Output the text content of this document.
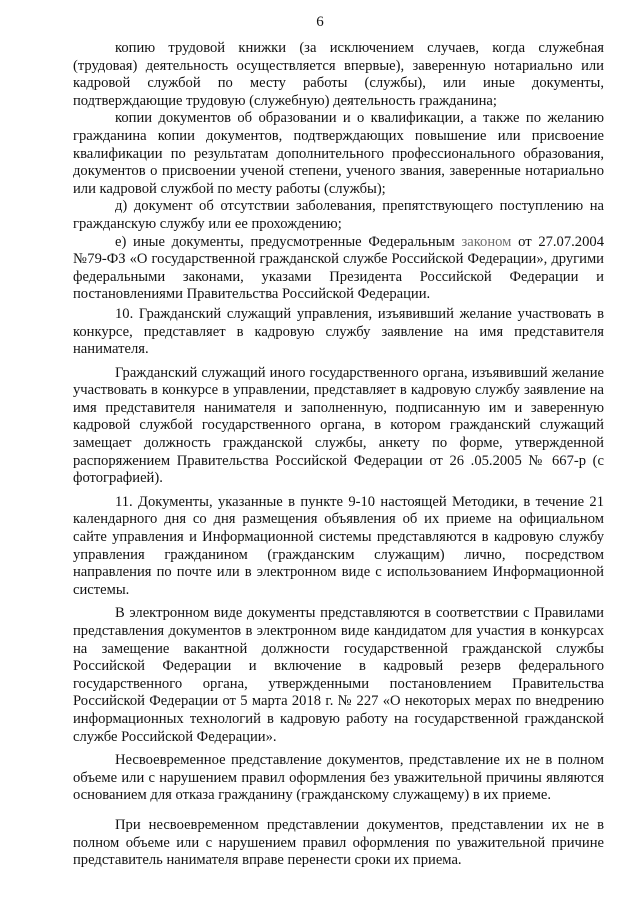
6

копию трудовой книжки (за исключением случаев, когда служебная (трудовая) деятельность осуществляется впервые), заверенную нотариально или кадровой службой по месту работы (службы), или иные документы, подтверждающие трудовую (служебную) деятельность гражданина;

копии документов об образовании и о квалификации, а также по желанию гражданина копии документов, подтверждающих повышение или присвоение квалификации по результатам дополнительного профессионального образования, документов о присвоении ученой степени, ученого звания, заверенные нотариально или кадровой службой по месту работы (службы);

д) документ об отсутствии заболевания, препятствующего поступлению на гражданскую службу или ее прохождению;

е) иные документы, предусмотренные Федеральным законом от 27.07.2004 №79-ФЗ «О государственной гражданской службе Российской Федерации», другими федеральными законами, указами Президента Российской Федерации и постановлениями Правительства Российской Федерации.

10. Гражданский служащий управления, изъявивший желание участвовать в конкурсе, представляет в кадровую службу заявление на имя представителя нанимателя.

Гражданский служащий иного государственного органа, изъявивший желание участвовать в конкурсе в управлении, представляет в кадровую службу заявление на имя представителя нанимателя и заполненную, подписанную им и заверенную кадровой службой государственного органа, в котором гражданский служащий замещает должность гражданской службы, анкету по форме, утвержденной распоряжением Правительства Российской Федерации от 26 .05.2005 № 667-р (с фотографией).

11. Документы, указанные в пункте 9-10 настоящей Методики, в течение 21 календарного дня со дня размещения объявления об их приеме на официальном сайте управления и Информационной системы представляются в кадровую службу управления гражданином (гражданским служащим) лично, посредством направления по почте или в электронном виде с использованием Информационной системы.

В электронном виде документы представляются в соответствии с Правилами представления документов в электронном виде кандидатом для участия в конкурсах на замещение вакантной должности государственной гражданской службы Российской Федерации и включение в кадровый резерв федерального государственного органа, утвержденными постановлением Правительства Российской Федерации от 5 марта 2018 г. № 227 «О некоторых мерах по внедрению информационных технологий в кадровую работу на государственной гражданской службе Российской Федерации».

Несвоевременное представление документов, представление их не в полном объеме или с нарушением правил оформления без уважительной причины являются основанием для отказа гражданину (гражданскому служащему) в их приеме.

При несвоевременном представлении документов, представлении их не в полном объеме или с нарушением правил оформления по уважительной причине представитель нанимателя вправе перенести сроки их приема.
